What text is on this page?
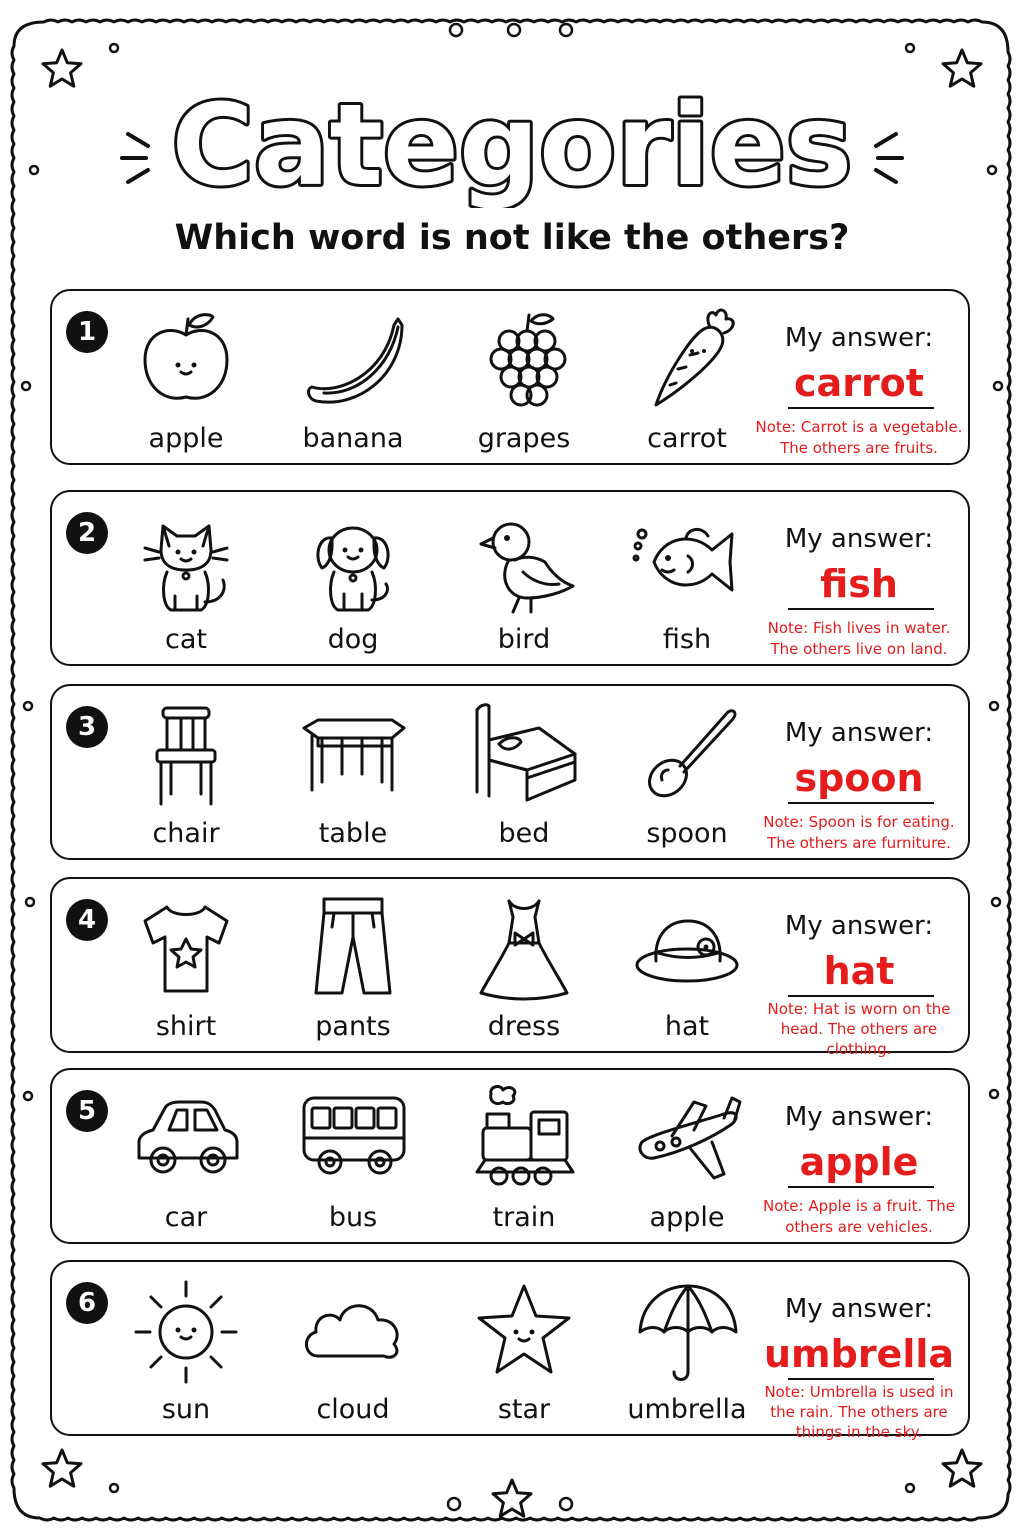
Categories
Which word is not like the others?
1
apple	banana	grapes	carrot
My answer:
carrot
Note: Carrot is a vegetable. The others are fruits.
2
cat	dog	bird	fish
My answer:
fish
Note: Fish lives in water. The others live on land.
3
chair	table	bed	spoon
My answer:
spoon
Note: Spoon is for eating. The others are furniture.
4
shirt	pants	dress	hat
My answer:
hat
Note: Hat is worn on the head. The others are clothing.
5
car	bus	train	apple
My answer:
apple
Note: Apple is a fruit. The others are vehicles.
6
sun	cloud	star	umbrella
My answer:
umbrella
Note: Umbrella is used in the rain. The others are things in the sky.
